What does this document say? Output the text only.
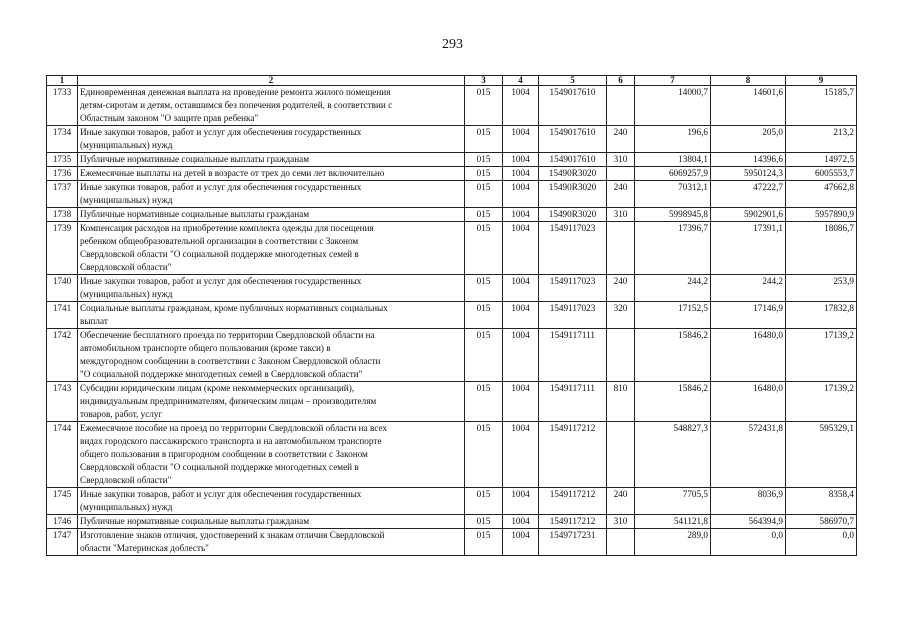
293
1	2	3	4	5	6	7	8	9
1733	Единовременная денежная выплата на проведение ремонта жилого помещения
детям-сиротам и детям, оставшимся без попечения родителей, в соответствии с
Областным законом "О защите прав ребенка"	015	1004	1549017610		14000,7	14601,6	15185,7
1734	Иные закупки товаров, работ и услуг для обеспечения государственных
(муниципальных) нужд	015	1004	1549017610	240	196,6	205,0	213,2
1735	Публичные нормативные социальные выплаты гражданам	015	1004	1549017610	310	13804,1	14396,6	14972,5
1736	Ежемесячные выплаты на детей в возрасте от трех до семи лет включительно	015	1004	15490R3020		6069257,9	5950124,3	6005553,7
1737	Иные закупки товаров, работ и услуг для обеспечения государственных
(муниципальных) нужд	015	1004	15490R3020	240	70312,1	47222,7	47662,8
1738	Публичные нормативные социальные выплаты гражданам	015	1004	15490R3020	310	5998945,8	5902901,6	5957890,9
1739	Компенсация расходов на приобретение комплекта одежды для посещения
ребенком общеобразовательной организации в соответствии с Законом
Свердловской области "О социальной поддержке многодетных семей в
Свердловской области"	015	1004	1549117023		17396,7	17391,1	18086,7
1740	Иные закупки товаров, работ и услуг для обеспечения государственных
(муниципальных) нужд	015	1004	1549117023	240	244,2	244,2	253,9
1741	Социальные выплаты гражданам, кроме публичных нормативных социальных
выплат	015	1004	1549117023	320	17152,5	17146,9	17832,8
1742	Обеспечение бесплатного проезда по территории Свердловской области на
автомобильном транспорте общего пользования (кроме такси) в
междугородном сообщении в соответствии с Законом Свердловской области
"О социальной поддержке многодетных семей в Свердловской области"	015	1004	1549117111		15846,2	16480,0	17139,2
1743	Субсидии юридическим лицам (кроме некоммерческих организаций),
индивидуальным предпринимателям, физическим лицам – производителям
товаров, работ, услуг	015	1004	1549117111	810	15846,2	16480,0	17139,2
1744	Ежемесячное пособие на проезд по территории Свердловской области на всех
видах городского пассажирского транспорта и на автомобильном транспорте
общего пользования в пригородном сообщении в соответствии с Законом
Свердловской области "О социальной поддержке многодетных семей в
Свердловской области"	015	1004	1549117212		548827,3	572431,8	595329,1
1745	Иные закупки товаров, работ и услуг для обеспечения государственных
(муниципальных) нужд	015	1004	1549117212	240	7705,5	8036,9	8358,4
1746	Публичные нормативные социальные выплаты гражданам	015	1004	1549117212	310	541121,8	564394,9	586970,7
1747	Изготовление знаков отличия, удостоверений к знакам отличия Свердловской
области "Материнская доблесть"	015	1004	1549717231		289,0	0,0	0,0
